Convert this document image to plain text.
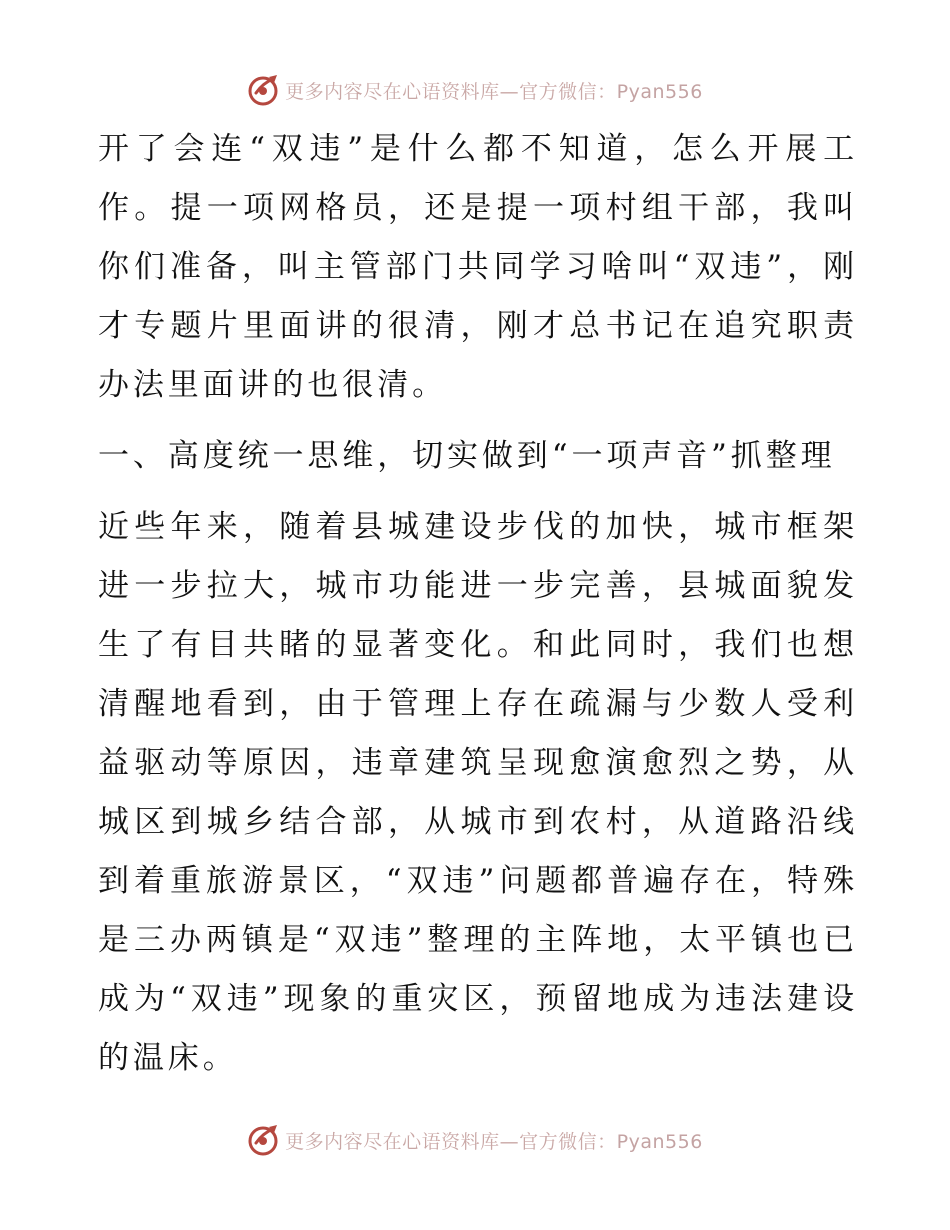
更多内容尽在心语资料库—官方微信：Pyan556

开了会连“双违”是什么都不知道，怎么开展工作。提一项网格员，还是提一项村组干部，我叫你们准备，叫主管部门共同学习啥叫“双违”，刚才专题片里面讲的很清，刚才总书记在追究职责办法里面讲的也很清。

一、高度统一思维，切实做到“一项声音”抓整理

近些年来，随着县城建设步伐的加快，城市框架进一步拉大，城市功能进一步完善，县城面貌发生了有目共睹的显著变化。和此同时，我们也想清醒地看到，由于管理上存在疏漏与少数人受利益驱动等原因，违章建筑呈现愈演愈烈之势，从城区到城乡结合部，从城市到农村，从道路沿线到着重旅游景区，“双违”问题都普遍存在，特殊是三办两镇是“双违”整理的主阵地，太平镇也已成为“双违”现象的重灾区，预留地成为违法建设的温床。

更多内容尽在心语资料库—官方微信：Pyan556
